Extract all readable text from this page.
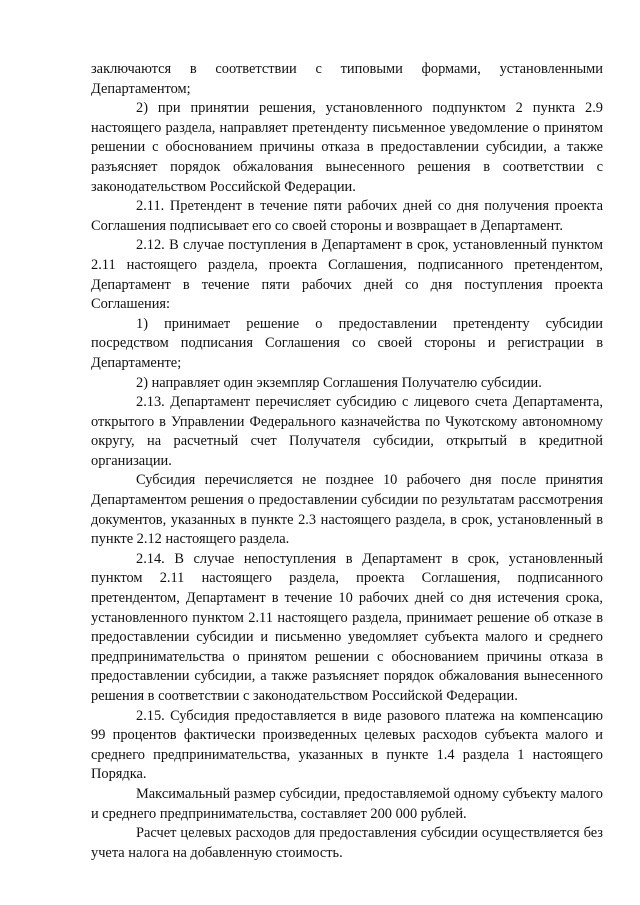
заключаются в соответствии с типовыми формами, установленными Департаментом;

2) при принятии решения, установленного подпунктом 2 пункта 2.9 настоящего раздела, направляет претенденту письменное уведомление о принятом решении с обоснованием причины отказа в предоставлении субсидии, а также разъясняет порядок обжалования вынесенного решения в соответствии с законодательством Российской Федерации.

2.11. Претендент в течение пяти рабочих дней со дня получения проекта Соглашения подписывает его со своей стороны и возвращает в Департамент.

2.12. В случае поступления в Департамент в срок, установленный пунктом 2.11 настоящего раздела, проекта Соглашения, подписанного претендентом, Департамент в течение пяти рабочих дней со дня поступления проекта Соглашения:

1) принимает решение о предоставлении претенденту субсидии посредством подписания Соглашения со своей стороны и регистрации в Департаменте;

2) направляет один экземпляр Соглашения Получателю субсидии.

2.13. Департамент перечисляет субсидию с лицевого счета Департамента, открытого в Управлении Федерального казначейства по Чукотскому автономному округу, на расчетный счет Получателя субсидии, открытый в кредитной организации.

Субсидия перечисляется не позднее 10 рабочего дня после принятия Департаментом решения о предоставлении субсидии по результатам рассмотрения документов, указанных в пункте 2.3 настоящего раздела, в срок, установленный в пункте 2.12 настоящего раздела.

2.14. В случае непоступления в Департамент в срок, установленный пунктом 2.11 настоящего раздела, проекта Соглашения, подписанного претендентом, Департамент в течение 10 рабочих дней со дня истечения срока, установленного пунктом 2.11 настоящего раздела, принимает решение об отказе в предоставлении субсидии и письменно уведомляет субъекта малого и среднего предпринимательства о принятом решении с обоснованием причины отказа в предоставлении субсидии, а также разъясняет порядок обжалования вынесенного решения в соответствии с законодательством Российской Федерации.

2.15. Субсидия предоставляется в виде разового платежа на компенсацию 99 процентов фактически произведенных целевых расходов субъекта малого и среднего предпринимательства, указанных в пункте 1.4 раздела 1 настоящего Порядка.

Максимальный размер субсидии, предоставляемой одному субъекту малого и среднего предпринимательства, составляет 200 000 рублей.

Расчет целевых расходов для предоставления субсидии осуществляется без учета налога на добавленную стоимость.
